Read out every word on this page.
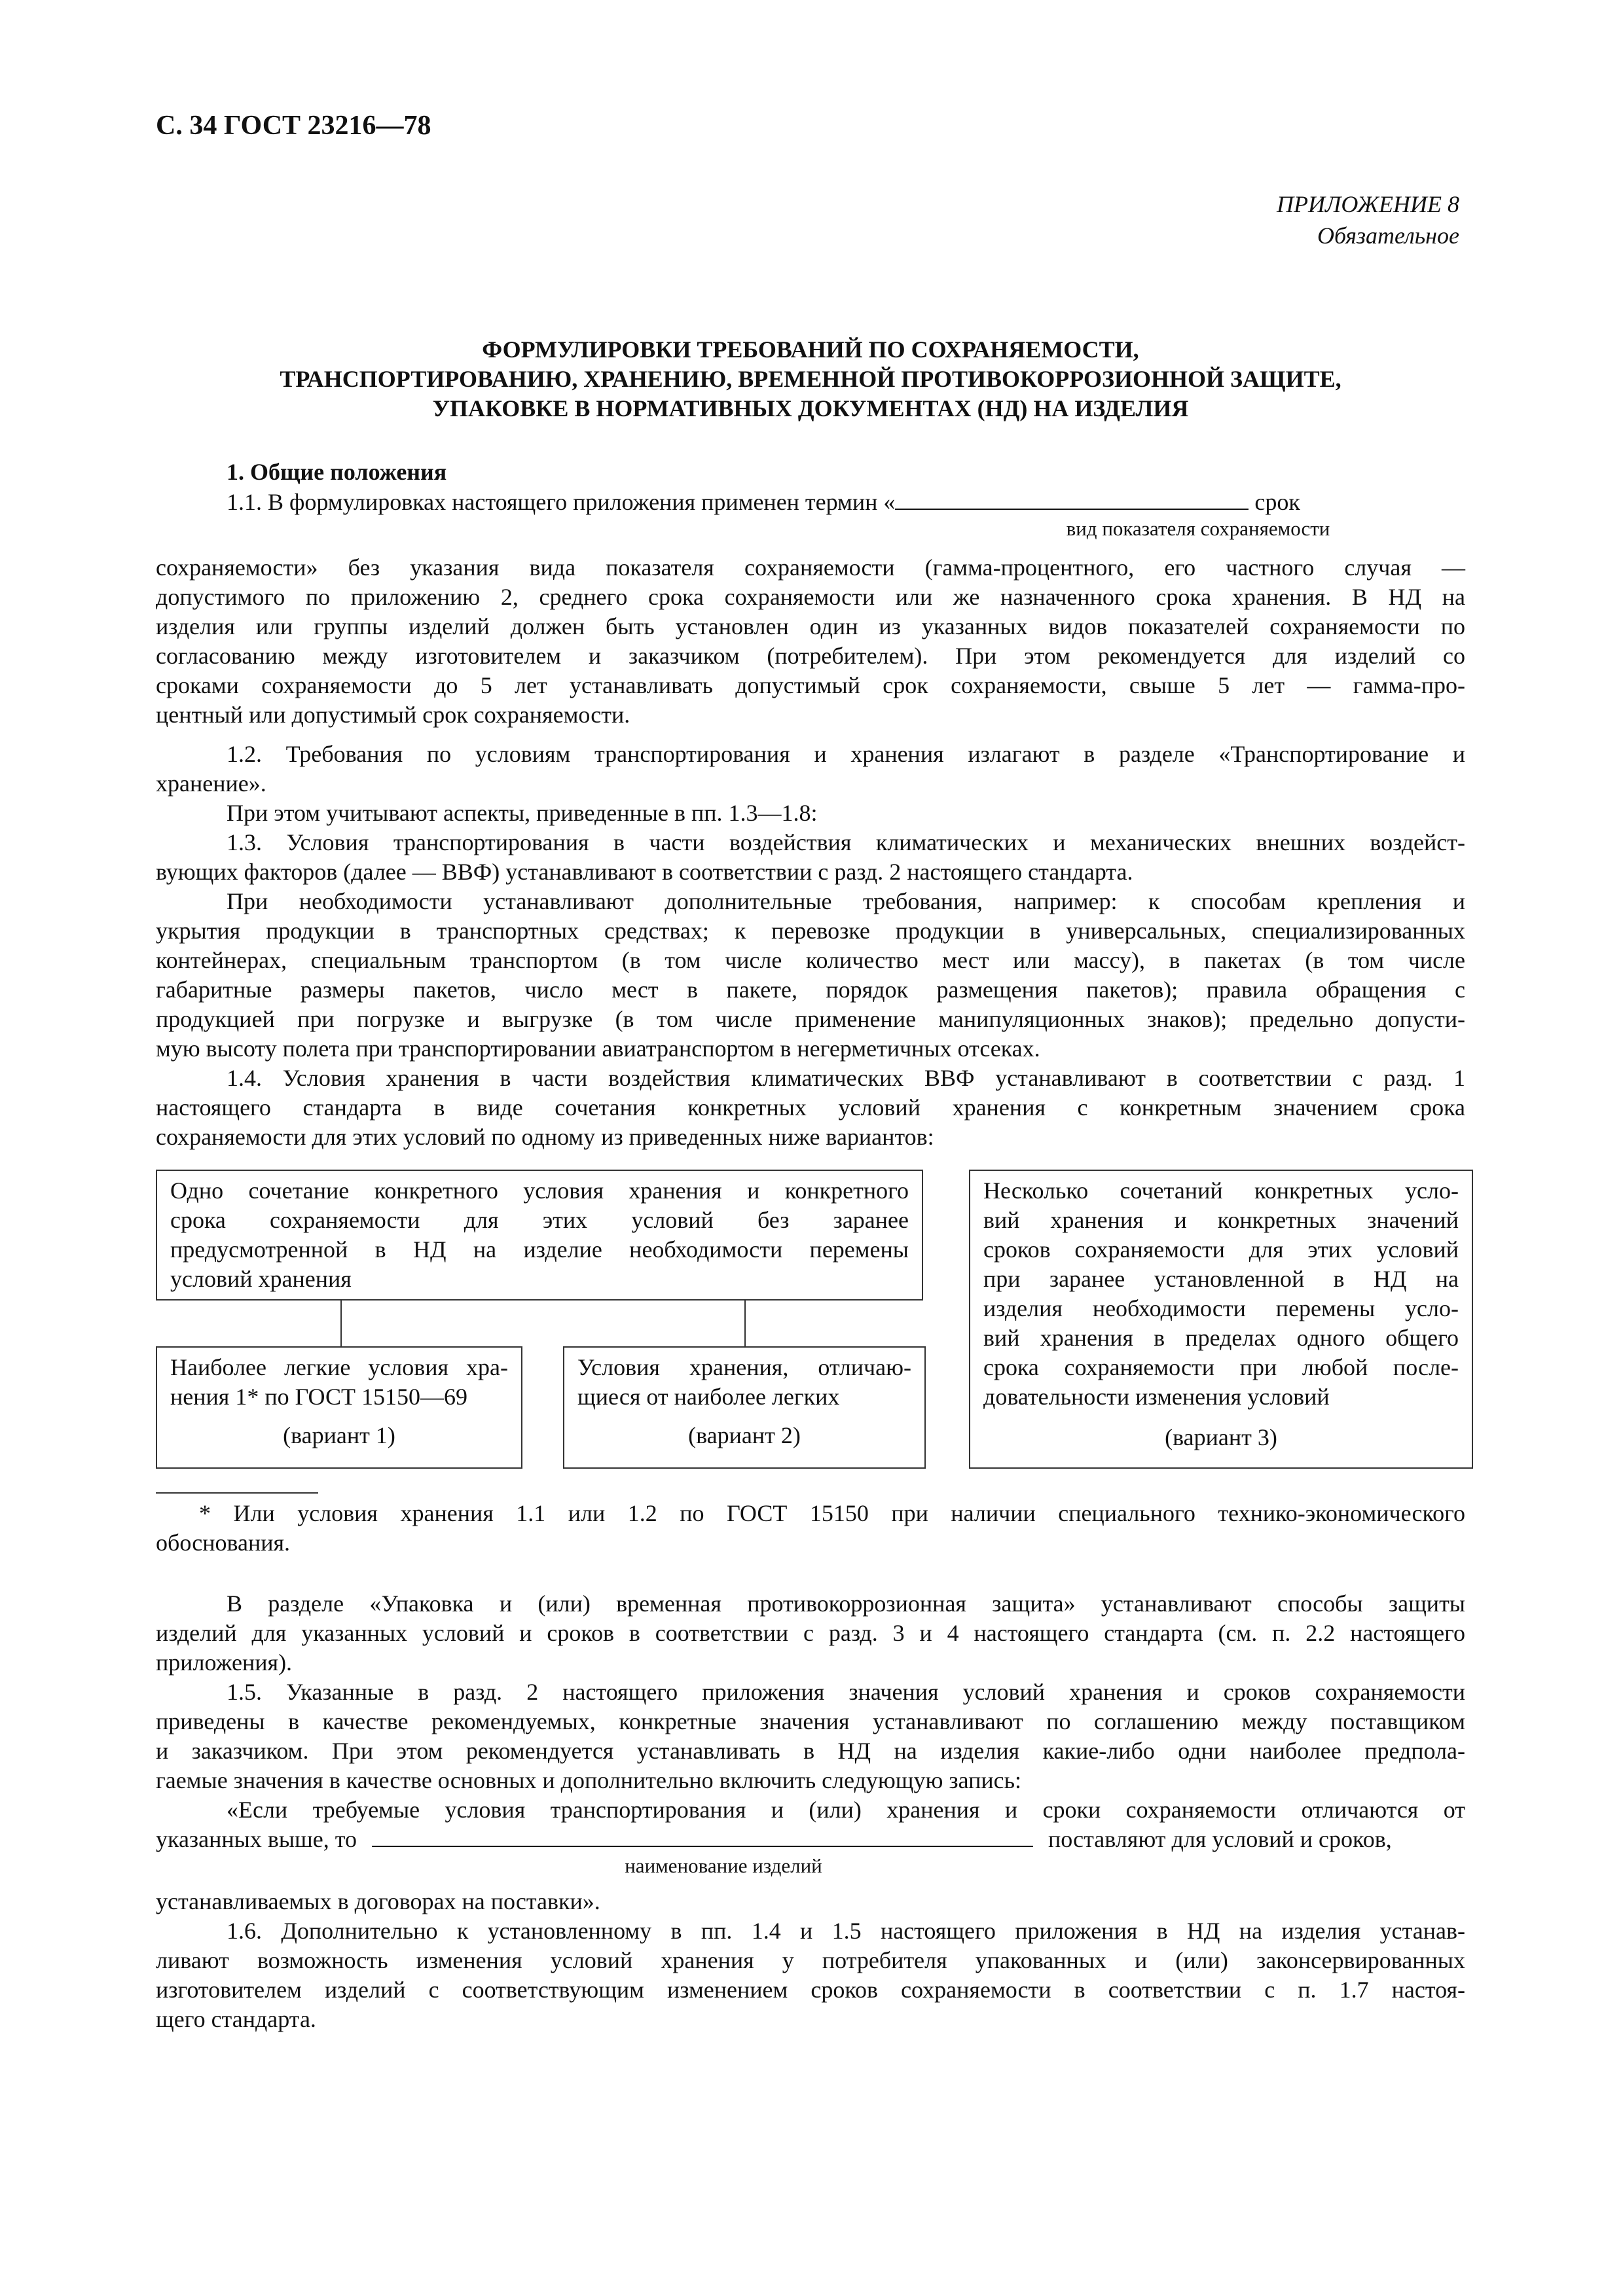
С. 34 ГОСТ 23216—78
ПРИЛОЖЕНИЕ 8
Обязательное
ФОРМУЛИРОВКИ ТРЕБОВАНИЙ ПО СОХРАНЯЕМОСТИ,
ТРАНСПОРТИРОВАНИЮ, ХРАНЕНИЮ, ВРЕМЕННОЙ ПРОТИВОКОРРОЗИОННОЙ ЗАЩИТЕ,
УПАКОВКЕ В НОРМАТИВНЫХ ДОКУМЕНТАХ (НД) НА ИЗДЕЛИЯ
1. Общие положения
1.1. В формулировках настоящего приложения применен термин «	срок
вид показателя сохраняемости
сохраняемости» без указания вида показателя сохраняемости (гамма-процентного, его частного случая —
допустимого по приложению 2, среднего срока сохраняемости или же назначенного срока хранения. В НД на
изделия или группы изделий должен быть установлен один из указанных видов показателей сохраняемости по
согласованию между изготовителем и заказчиком (потребителем). При этом рекомендуется для изделий со
сроками сохраняемости до 5 лет устанавливать допустимый срок сохраняемости, свыше 5 лет — гамма-про-
центный или допустимый срок сохраняемости.
1.2. Требования по условиям транспортирования и хранения излагают в разделе «Транспортирование и
хранение».
При этом учитывают аспекты, приведенные в пп. 1.3—1.8:
1.3. Условия транспортирования в части воздействия климатических и механических внешних воздейст-
вующих факторов (далее — ВВФ) устанавливают в соответствии с разд. 2 настоящего стандарта.
При необходимости устанавливают дополнительные требования, например: к способам крепления и
укрытия продукции в транспортных средствах; к перевозке продукции в универсальных, специализированных
контейнерах, специальным транспортом (в том числе количество мест или массу), в пакетах (в том числе
габаритные размеры пакетов, число мест в пакете, порядок размещения пакетов); правила обращения с
продукцией при погрузке и выгрузке (в том числе применение манипуляционных знаков); предельно допусти-
мую высоту полета при транспортировании авиатранспортом в негерметичных отсеках.
1.4. Условия хранения в части воздействия климатических ВВФ устанавливают в соответствии с разд. 1
настоящего стандарта в виде сочетания конкретных условий хранения с конкретным значением срока
сохраняемости для этих условий по одному из приведенных ниже вариантов:
Одно сочетание конкретного условия хранения и конкретного
срока сохраняемости для этих условий без заранее
предусмотренной в НД на изделие необходимости перемены
условий хранения
Наиболее легкие условия хра-
нения 1* по ГОСТ 15150—69
(вариант 1)
Условия хранения, отличаю-
щиеся от наиболее легких
(вариант 2)
Несколько сочетаний конкретных усло-
вий хранения и конкретных значений
сроков сохраняемости для этих условий
при заранее установленной в НД на
изделия необходимости перемены усло-
вий хранения в пределах одного общего
срока сохраняемости при любой после-
довательности изменения условий
(вариант 3)
* Или условия хранения 1.1 или 1.2 по ГОСТ 15150 при наличии специального технико-экономического
обоснования.
В разделе «Упаковка и (или) временная противокоррозионная защита» устанавливают способы защиты
изделий для указанных условий и сроков в соответствии с разд. 3 и 4 настоящего стандарта (см. п. 2.2 настоящего
приложения).
1.5. Указанные в разд. 2 настоящего приложения значения условий хранения и сроков сохраняемости
приведены в качестве рекомендуемых, конкретные значения устанавливают по соглашению между поставщиком
и заказчиком. При этом рекомендуется устанавливать в НД на изделия какие-либо одни наиболее предпола-
гаемые значения в качестве основных и дополнительно включить следующую запись:
«Если требуемые условия транспортирования и (или) хранения и сроки сохраняемости отличаются от
указанных выше, то	поставляют для условий и сроков,
наименование изделий
устанавливаемых в договорах на поставки».
1.6. Дополнительно к установленному в пп. 1.4 и 1.5 настоящего приложения в НД на изделия устанав-
ливают возможность изменения условий хранения у потребителя упакованных и (или) законсервированных
изготовителем изделий с соответствующим изменением сроков сохраняемости в соответствии с п. 1.7 настоя-
щего стандарта.
